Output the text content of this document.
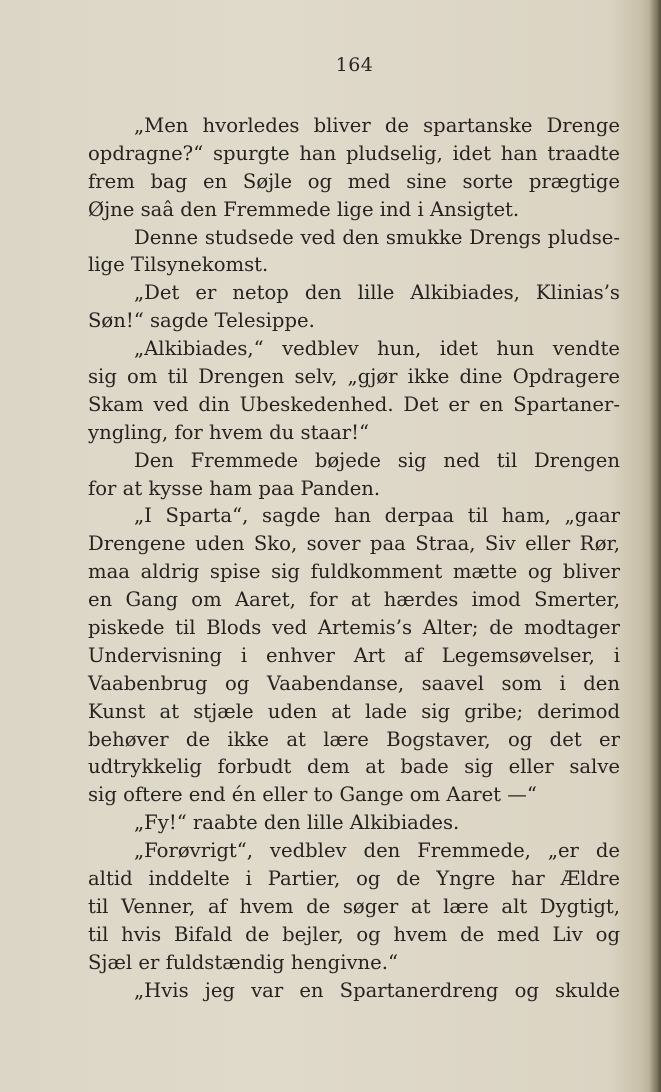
164
„Men hvorledes bliver de spartanske Drenge
opdragne?“ spurgte han pludselig, idet han traadte
frem bag en Søjle og med sine sorte prægtige
Øjne saâ den Fremmede lige ind i Ansigtet.
Denne studsede ved den smukke Drengs pludse-
lige Tilsynekomst.
„Det er netop den lille Alkibiades, Klinias’s
Søn!“ sagde Telesippe.
„Alkibiades,“ vedblev hun, idet hun vendte
sig om til Drengen selv, „gjør ikke dine Opdragere
Skam ved din Ubeskedenhed. Det er en Spartaner-
yngling, for hvem du staar!“
Den Fremmede bøjede sig ned til Drengen
for at kysse ham paa Panden.
„I Sparta“, sagde han derpaa til ham, „gaar
Drengene uden Sko, sover paa Straa, Siv eller Rør,
maa aldrig spise sig fuldkomment mætte og bliver
en Gang om Aaret, for at hærdes imod Smerter,
piskede til Blods ved Artemis’s Alter; de modtager
Undervisning i enhver Art af Legemsøvelser, i
Vaabenbrug og Vaabendanse, saavel som i den
Kunst at stjæle uden at lade sig gribe; derimod
behøver de ikke at lære Bogstaver, og det er
udtrykkelig forbudt dem at bade sig eller salve
sig oftere end én eller to Gange om Aaret —“
„Fy!“ raabte den lille Alkibiades.
„Forøvrigt“, vedblev den Fremmede, „er de
altid inddelte i Partier, og de Yngre har Ældre
til Venner, af hvem de søger at lære alt Dygtigt,
til hvis Bifald de bejler, og hvem de med Liv og
Sjæl er fuldstændig hengivne.“
„Hvis jeg var en Spartanerdreng og skulde
